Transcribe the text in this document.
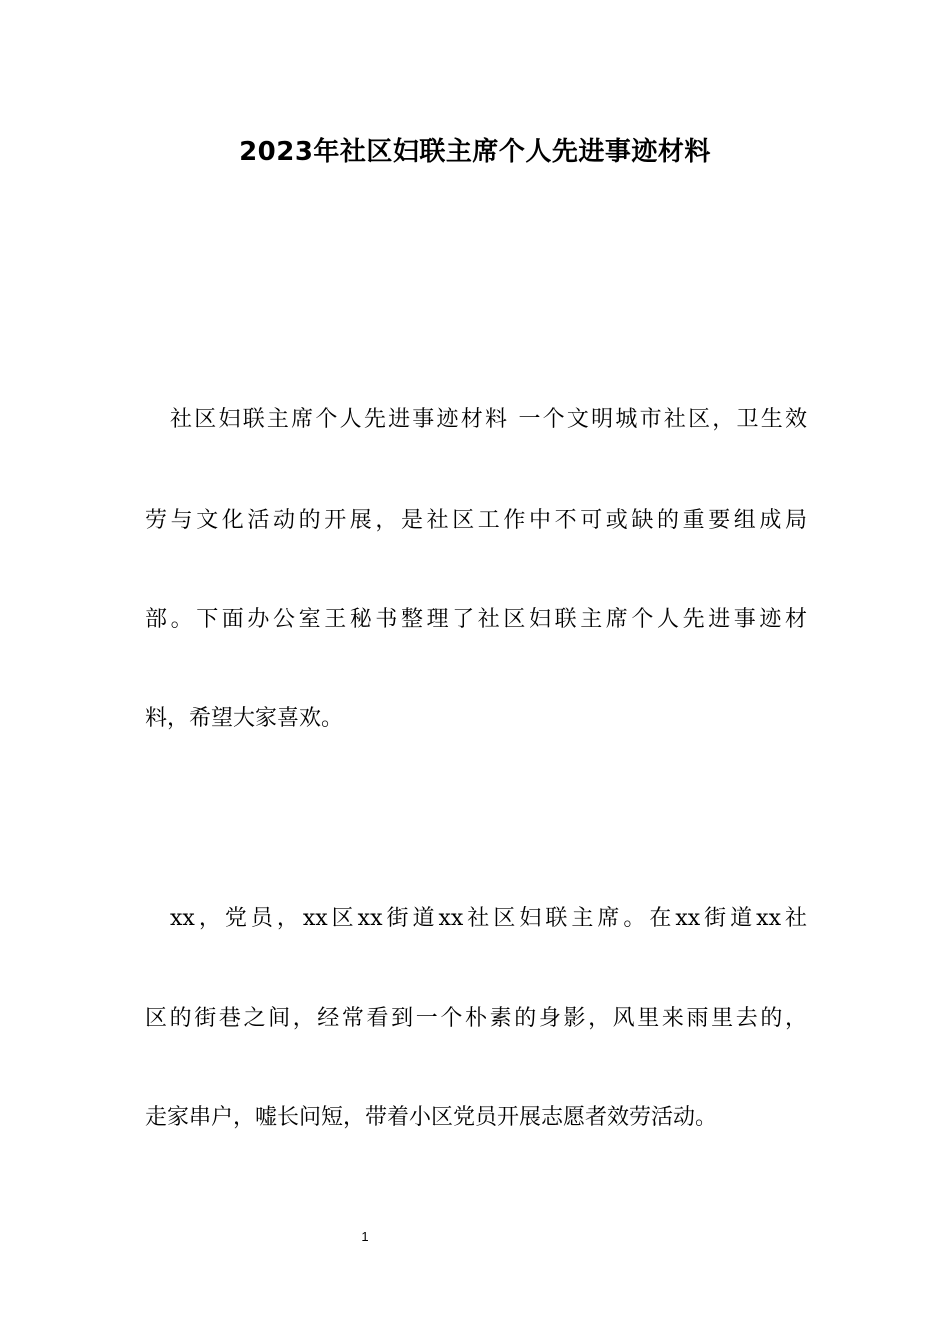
2023年社区妇联主席个人先进事迹材料
社区妇联主席个人先进事迹材料 一个文明城市社区，卫生效
劳与文化活动的开展，是社区工作中不可或缺的重要组成局
部。下面办公室王秘书整理了社区妇联主席个人先进事迹材
料，希望大家喜欢。
xx，党员，xx区xx街道xx社区妇联主席。在xx街道xx社
区的街巷之间，经常看到一个朴素的身影，风里来雨里去的，
走家串户，嘘长问短，带着小区党员开展志愿者效劳活动。
1
